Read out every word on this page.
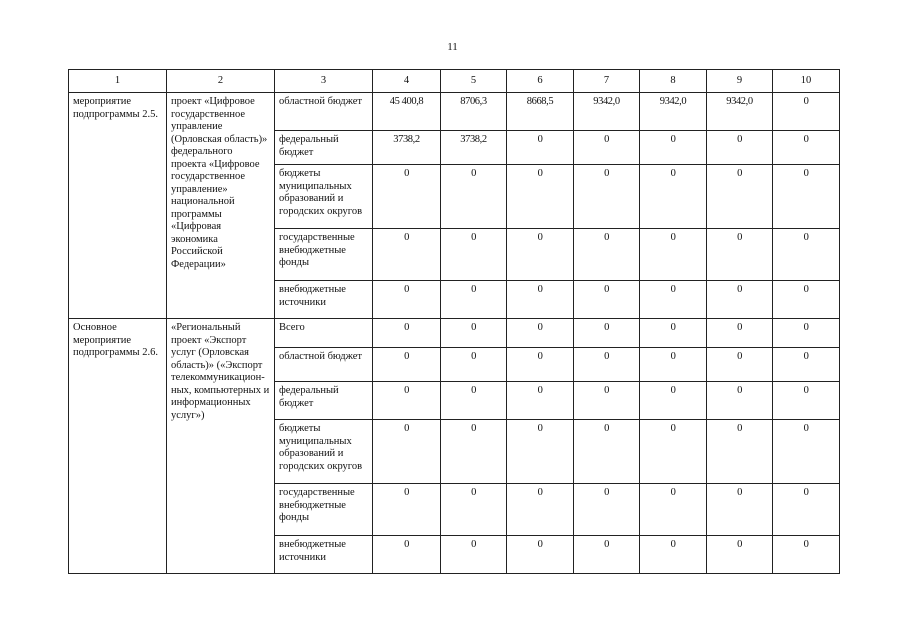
11
1	2	3	4	5	6	7	8	9	10
мероприятие подпрограммы 2.5.	проект «Цифровое государственное управление (Орловская область)» федерального проекта «Цифровое государственное управление» национальной программы «Цифровая экономика Российской Федерации»	областной бюджет	45 400,8	8706,3	8668,5	9342,0	9342,0	9342,0	0
		федеральный бюджет	3738,2	3738,2	0	0	0	0	0
		бюджеты муниципальных образований и городских округов	0	0	0	0	0	0	0
		государственные внебюджетные фонды	0	0	0	0	0	0	0
		внебюджетные источники	0	0	0	0	0	0	0
Основное мероприятие подпрограммы 2.6.	«Региональный проект «Экспорт услуг (Орловская область)» («Экспорт телекоммуникацион-ных, компьютерных и информационных услуг»)	Всего	0	0	0	0	0	0	0
		областной бюджет	0	0	0	0	0	0	0
		федеральный бюджет	0	0	0	0	0	0	0
		бюджеты муниципальных образований и городских округов	0	0	0	0	0	0	0
		государственные внебюджетные фонды	0	0	0	0	0	0	0
		внебюджетные источники	0	0	0	0	0	0	0
